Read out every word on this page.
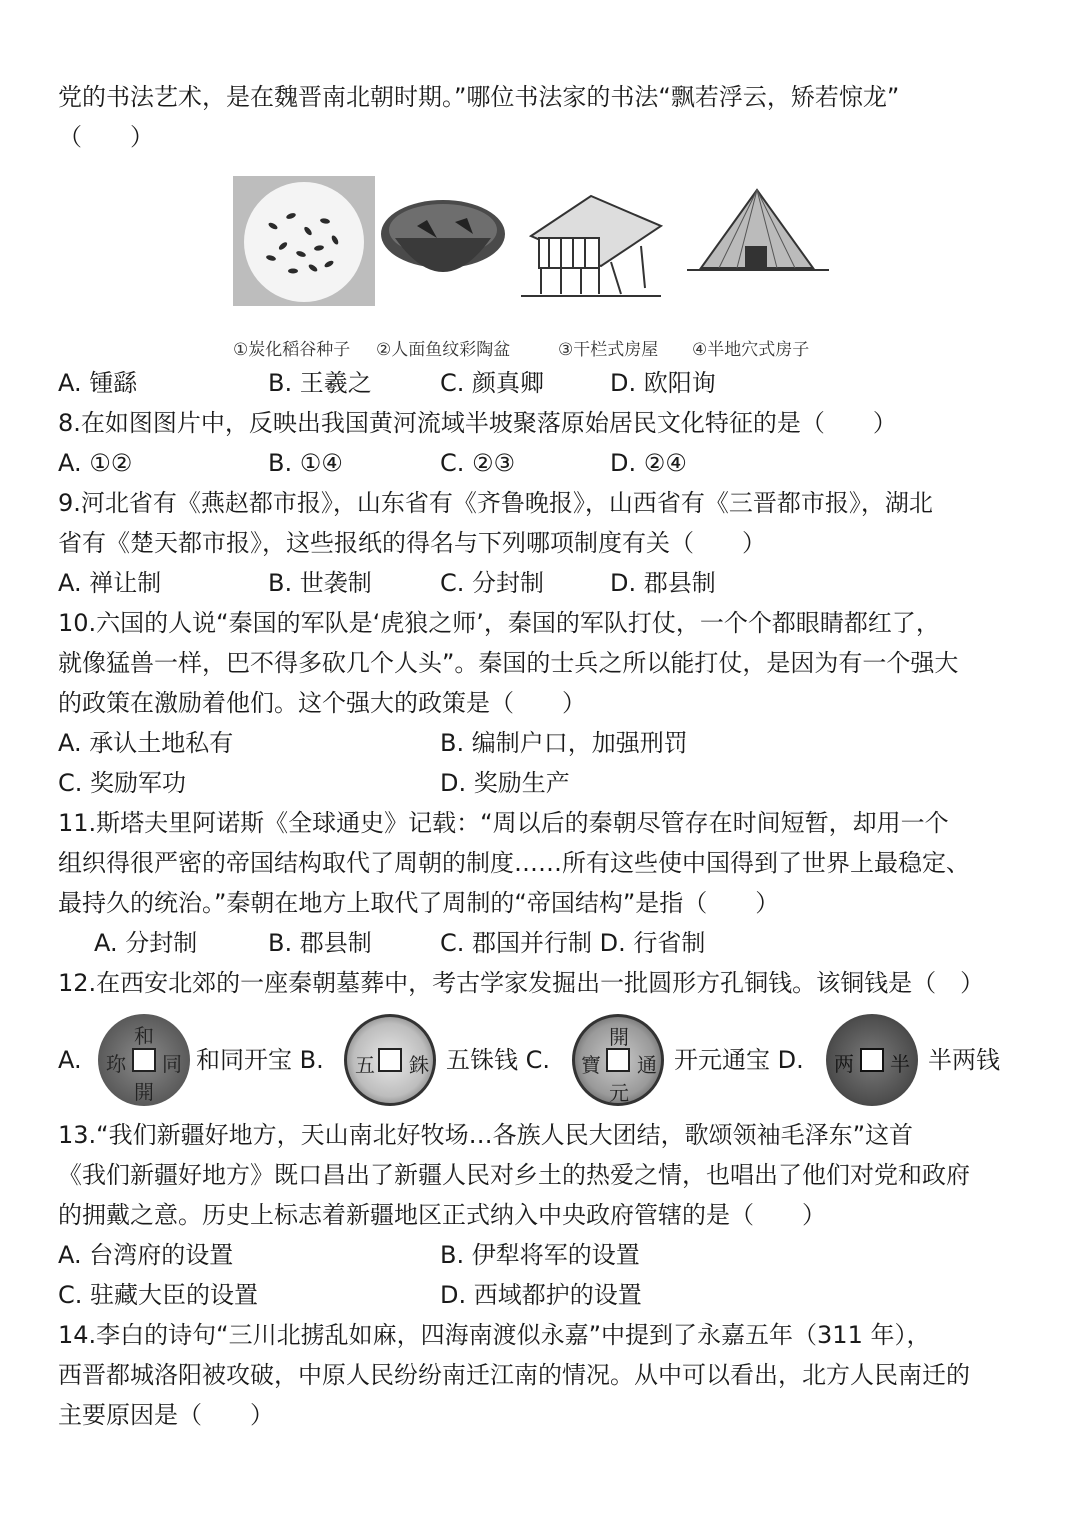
党的书法艺术，是在魏晋南北朝时期。”哪位书法家的书法“飘若浮云，矫若惊龙”
（　　）
①炭化稻谷种子 ②人面鱼纹彩陶盆	③干栏式房屋 ④半地穴式房子
A. 锺繇	B. 王羲之	C. 颜真卿	D. 欧阳询
8.在如图图片中，反映出我国黄河流域半坡聚落原始居民文化特征的是（　　）
A. ①②	B. ①④	C. ②③	D. ②④
9.河北省有《燕赵都市报》，山东省有《齐鲁晚报》，山西省有《三晋都市报》，湖北
省有《楚天都市报》，这些报纸的得名与下列哪项制度有关（　　）
A. 禅让制	B. 世袭制	C. 分封制	D. 郡县制
10.六国的人说“秦国的军队是‘虎狼之师’，秦国的军队打仗，一个个都眼睛都红了，
就像猛兽一样，巴不得多砍几个人头”。秦国的士兵之所以能打仗，是因为有一个强大
的政策在激励着他们。这个强大的政策是（　　）
A. 承认土地私有	B. 编制户口，加强刑罚
C. 奖励军功	D. 奖励生产
11.斯塔夫里阿诺斯《全球通史》记载：“周以后的秦朝尽管存在时间短暂，却用一个
组织得很严密的帝国结构取代了周朝的制度……所有这些使中国得到了世界上最稳定、
最持久的统治。”秦朝在地方上取代了周制的“帝国结构”是指（　　）
A. 分封制	B. 郡县制	C. 郡国并行制 D. 行省制
12.在西安北郊的一座秦朝墓葬中，考古学家发掘出一批圆形方孔铜钱。该铜钱是（　）
A.
和
開
珎 同 和同开宝 B. 五 銖 五铢钱 C.
開
元
寶 通 开元通宝 D. 两 半 半两钱
13.“我们新疆好地方，天山南北好牧场…各族人民大团结，歌颂领袖毛泽东”这首
《我们新疆好地方》既口昌出了新疆人民对乡土的热爱之情，也唱出了他们对党和政府
的拥戴之意。历史上标志着新疆地区正式纳入中央政府管辖的是（　　）
A. 台湾府的设置	B. 伊犁将军的设置
C. 驻藏大臣的设置	D. 西域都护的设置
14.李白的诗句“三川北掳乱如麻，四海南渡似永嘉”中提到了永嘉五年（311 年），
西晋都城洛阳被攻破，中原人民纷纷南迁江南的情况。从中可以看出，北方人民南迁的
主要原因是（　　）
